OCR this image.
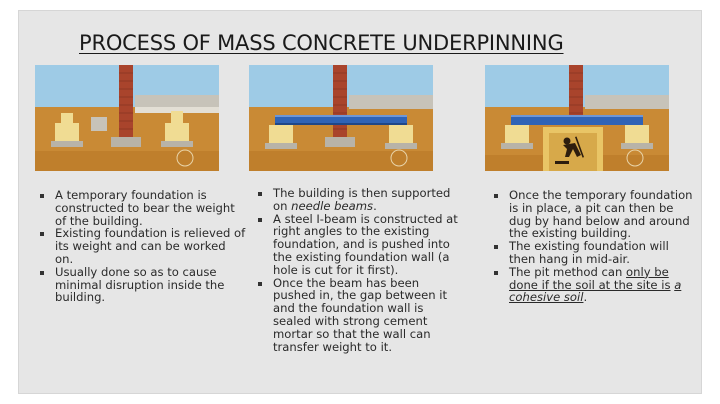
PROCESS OF MASS CONCRETE UNDERPINNING
A temporary foundation is constructed to bear the weight of the building.
Existing foundation is relieved of its weight and can be worked on.
Usually done so as to cause minimal disruption inside the building.
The building is then supported on needle beams.
A steel I-beam is constructed at right angles to the existing foundation, and is pushed into the existing foundation wall (a hole is cut for it first).
Once the beam has been pushed in, the gap between it and the foundation wall is sealed with strong cement mortar so that the wall can transfer weight to it.
Once the temporary foundation is in place, a pit can then be dug by hand below and around the existing building.
The existing foundation will then hang in mid-air.
The pit method can only be done if the soil at the site is a cohesive soil.
